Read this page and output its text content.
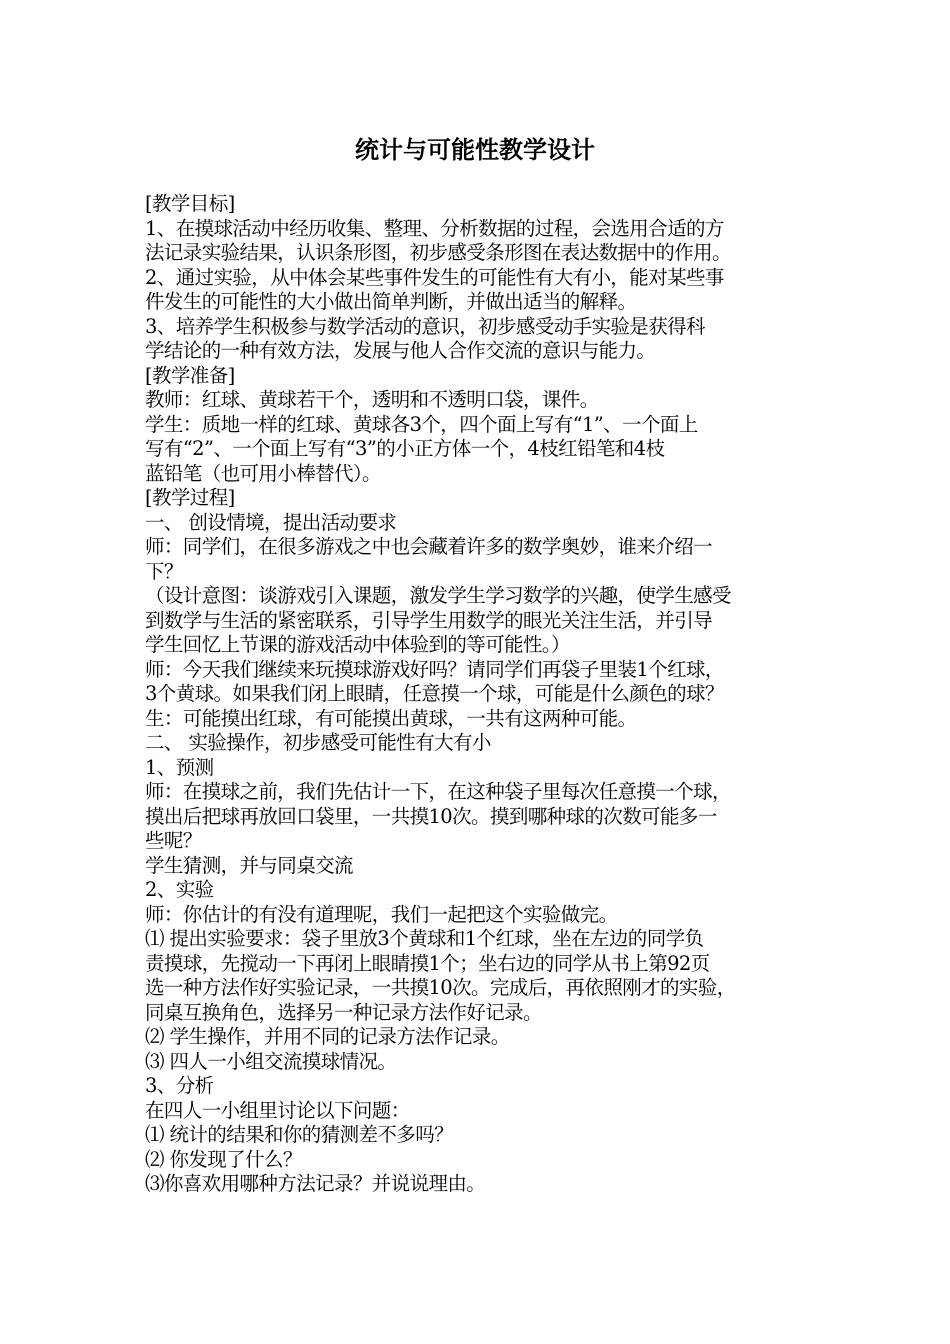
统计与可能性教学设计
[教学目标]
1、在摸球活动中经历收集、整理、分析数据的过程，会选用合适的方
法记录实验结果，认识条形图，初步感受条形图在表达数据中的作用。
2、通过实验，从中体会某些事件发生的可能性有大有小，能对某些事
件发生的可能性的大小做出简单判断，并做出适当的解释。
3、培养学生积极参与数学活动的意识，初步感受动手实验是获得科
学结论的一种有效方法，发展与他人合作交流的意识与能力。
[教学准备]
教师：红球、黄球若干个，透明和不透明口袋，课件。
学生：质地一样的红球、黄球各3个，四个面上写有“1”、一个面上
写有“2”、一个面上写有“3”的小正方体一个，4枝红铅笔和4枝
蓝铅笔（也可用小棒替代）。
[教学过程]
一、 创设情境，提出活动要求
师：同学们，在很多游戏之中也会藏着许多的数学奥妙，谁来介绍一
下？
（设计意图：谈游戏引入课题，激发学生学习数学的兴趣，使学生感受
到数学与生活的紧密联系，引导学生用数学的眼光关注生活，并引导
学生回忆上节课的游戏活动中体验到的等可能性。）
师：今天我们继续来玩摸球游戏好吗？请同学们再袋子里装1个红球，
3个黄球。如果我们闭上眼睛，任意摸一个球，可能是什么颜色的球？
生：可能摸出红球，有可能摸出黄球，一共有这两种可能。
二、 实验操作，初步感受可能性有大有小
1、预测
师：在摸球之前，我们先估计一下，在这种袋子里每次任意摸一个球，
摸出后把球再放回口袋里，一共摸10次。摸到哪种球的次数可能多一
些呢？
学生猜测，并与同桌交流
2、实验
师：你估计的有没有道理呢，我们一起把这个实验做完。
⑴ 提出实验要求：袋子里放3个黄球和1个红球，坐在左边的同学负
责摸球，先搅动一下再闭上眼睛摸1个；坐右边的同学从书上第92页
选一种方法作好实验记录，一共摸10次。完成后，再依照刚才的实验，
同桌互换角色，选择另一种记录方法作好记录。
⑵ 学生操作，并用不同的记录方法作记录。
⑶ 四人一小组交流摸球情况。
3、分析
在四人一小组里讨论以下问题：
⑴ 统计的结果和你的猜测差不多吗？
⑵ 你发现了什么？
⑶你喜欢用哪种方法记录？并说说理由。
